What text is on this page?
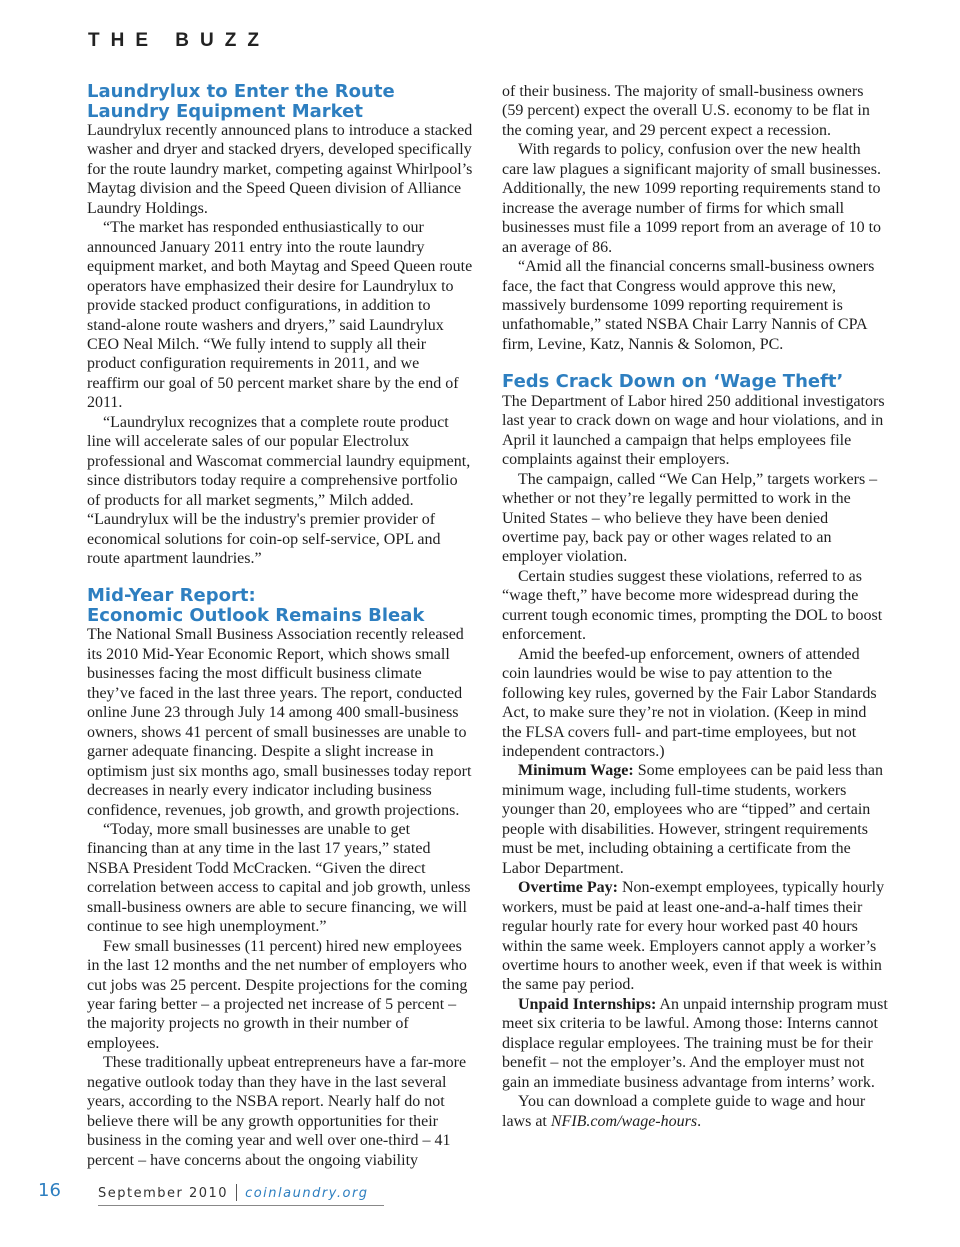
THE BUZZ
Laundrylux to Enter the Route
Laundry Equipment Market

Laundrylux recently announced plans to introduce a stacked washer and dryer and stacked dryers, developed specifically for the route laundry market, competing against Whirlpool’s Maytag division and the Speed Queen division of Alliance Laundry Holdings.

“The market has responded enthusiastically to our announced January 2011 entry into the route laundry equipment market, and both Maytag and Speed Queen route operators have emphasized their desire for Laundrylux to provide stacked product configurations, in addition to stand-alone route washers and dryers,” said Laundrylux CEO Neal Milch. “We fully intend to supply all their product configuration requirements in 2011, and we reaffirm our goal of 50 percent market share by the end of 2011.

“Laundrylux recognizes that a complete route product line will accelerate sales of our popular Electrolux professional and Wascomat commercial laundry equipment, since distributors today require a comprehensive portfolio of products for all market segments,” Milch added. “Laundrylux will be the industry's premier provider of economical solutions for coin-op self-service, OPL and route apartment laundries.”

Mid-Year Report:
Economic Outlook Remains Bleak

The National Small Business Association recently released its 2010 Mid-Year Economic Report, which shows small businesses facing the most difficult business climate they’ve faced in the last three years. The report, conducted online June 23 through July 14 among 400 small-business owners, shows 41 percent of small businesses are unable to garner adequate financing. Despite a slight increase in optimism just six months ago, small businesses today report decreases in nearly every indicator including business confidence, revenues, job growth, and growth projections.

“Today, more small businesses are unable to get financing than at any time in the last 17 years,” stated NSBA President Todd McCracken. “Given the direct correlation between access to capital and job growth, unless small-business owners are able to secure financing, we will continue to see high unemployment.”

Few small businesses (11 percent) hired new employees in the last 12 months and the net number of employers who cut jobs was 25 percent. Despite projections for the coming year faring better – a projected net increase of 5 percent – the majority projects no growth in their number of employees.

These traditionally upbeat entrepreneurs have a far-more negative outlook today than they have in the last several years, according to the NSBA report. Nearly half do not believe there will be any growth opportunities for their business in the coming year and well over one-third – 41 percent – have concerns about the ongoing viability

of their business. The majority of small-business owners (59 percent) expect the overall U.S. economy to be flat in the coming year, and 29 percent expect a recession.

With regards to policy, confusion over the new health care law plagues a significant majority of small businesses. Additionally, the new 1099 reporting requirements stand to increase the average number of firms for which small businesses must file a 1099 report from an average of 10 to an average of 86.

“Amid all the financial concerns small-business owners face, the fact that Congress would approve this new, massively burdensome 1099 reporting requirement is unfathomable,” stated NSBA Chair Larry Nannis of CPA firm, Levine, Katz, Nannis & Solomon, PC.

Feds Crack Down on ‘Wage Theft’

The Department of Labor hired 250 additional investigators last year to crack down on wage and hour violations, and in April it launched a campaign that helps employees file complaints against their employers.

The campaign, called “We Can Help,” targets workers – whether or not they’re legally permitted to work in the United States – who believe they have been denied overtime pay, back pay or other wages related to an employer violation.

Certain studies suggest these violations, referred to as “wage theft,” have become more widespread during the current tough economic times, prompting the DOL to boost enforcement.

Amid the beefed-up enforcement, owners of attended coin laundries would be wise to pay attention to the following key rules, governed by the Fair Labor Standards Act, to make sure they’re not in violation. (Keep in mind the FLSA covers full- and part-time employees, but not independent contractors.)

Minimum Wage: Some employees can be paid less than minimum wage, including full-time students, workers younger than 20, employees who are “tipped” and certain people with disabilities. However, stringent requirements must be met, including obtaining a certificate from the Labor Department.

Overtime Pay: Non-exempt employees, typically hourly workers, must be paid at least one-and-a-half times their regular hourly rate for every hour worked past 40 hours within the same week. Employers cannot apply a worker’s overtime hours to another week, even if that week is within the same pay period.

Unpaid Internships: An unpaid internship program must meet six criteria to be lawful. Among those: Interns cannot displace regular employees. The training must be for their benefit – not the employer’s. And the employer must not gain an immediate business advantage from interns’ work.

You can download a complete guide to wage and hour laws at NFIB.com/wage-hours.

16	September 2010 coinlaundry.org
